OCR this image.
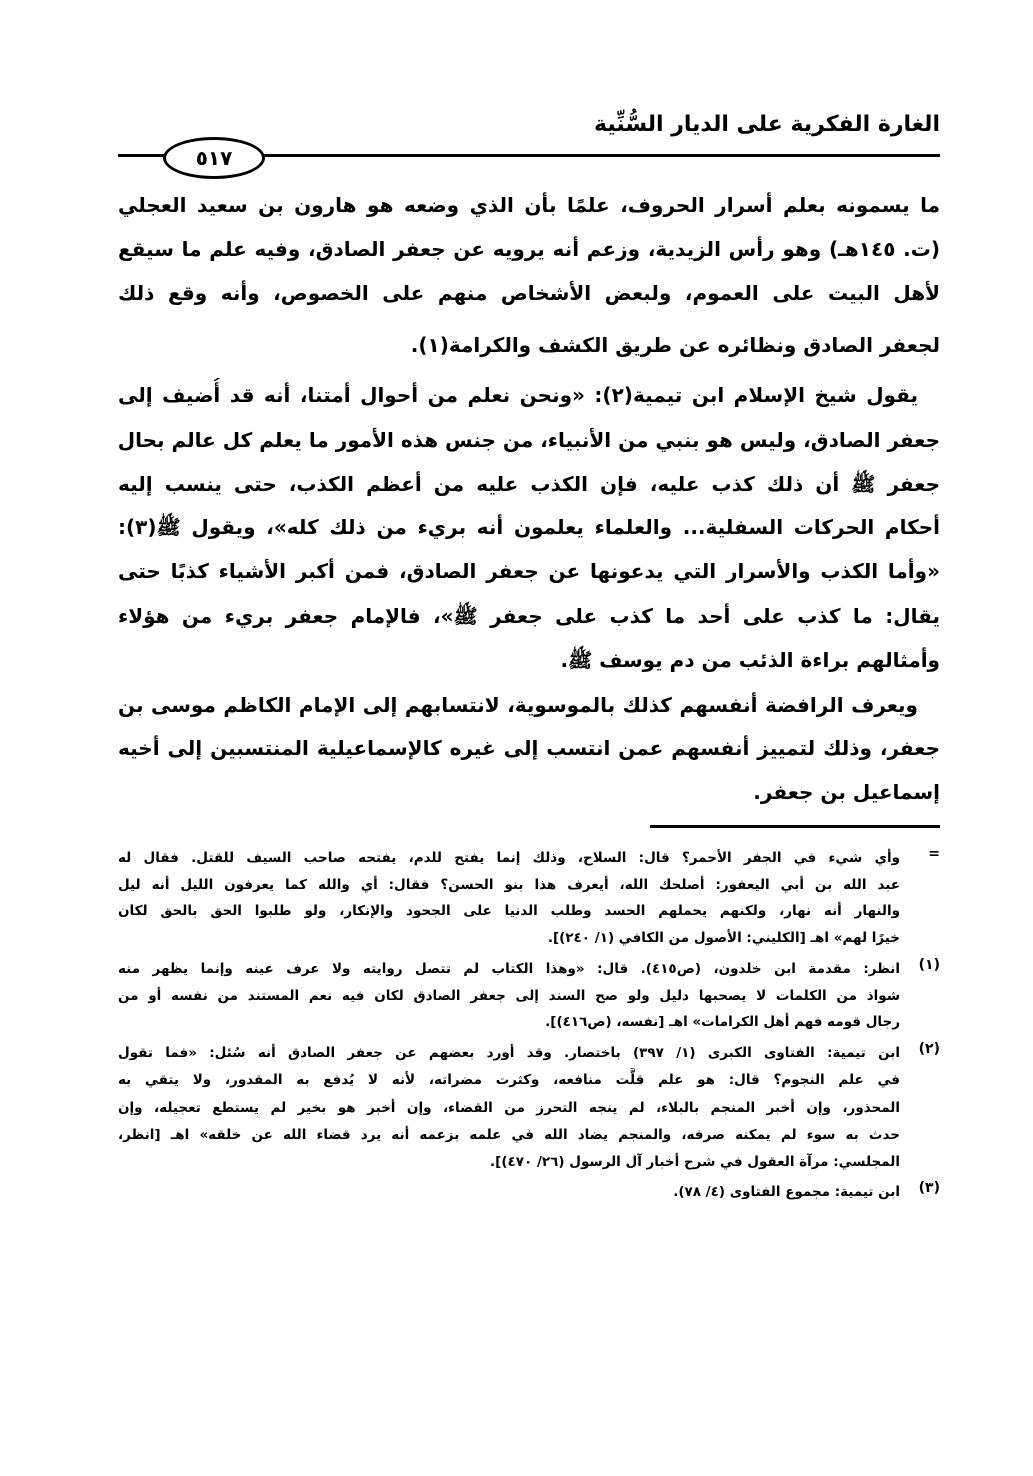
الغارة الفكرية على الديار السُّنِّية
٥١٧
ما يسمونه بعلم أسرار الحروف، علمًا بأن الذي وضعه هو هارون بن سعيد العجلي
(ت. ١٤٥هـ) وهو رأس الزيدية، وزعم أنه يرويه عن جعفر الصادق، وفيه علم ما سيقع
لأهل البيت على العموم، ولبعض الأشخاص منهم على الخصوص، وأنه وقع ذلك
لجعفر الصادق ونظائره عن طريق الكشف والكرامة(١).
يقول شيخ الإسلام ابن تيمية(٢): «ونحن نعلم من أحوال أمتنا، أنه قد أُضيف إلى
جعفر الصادق، وليس هو بنبي من الأنبياء، من جنس هذه الأمور ما يعلم كل عالم بحال
جعفر ﷺ أن ذلك كذب عليه، فإن الكذب عليه من أعظم الكذب، حتى ينسب إليه
أحكام الحركات السفلية... والعلماء يعلمون أنه بريء من ذلك كله»، ويقول ﷺ(٣):
«وأما الكذب والأسرار التي يدعونها عن جعفر الصادق، فمن أكبر الأشياء كذبًا حتى
يقال: ما كذب على أحد ما كذب على جعفر ﷺ»، فالإمام جعفر بريء من هؤلاء
وأمثالهم براءة الذئب من دم يوسف ﷺ.
ويعرف الرافضة أنفسهم كذلك بالموسوية، لانتسابهم إلى الإمام الكاظم موسى بن
جعفر، وذلك لتمييز أنفسهم عمن انتسب إلى غيره كالإسماعيلية المنتسبين إلى أخيه
إسماعيل بن جعفر.
=
وأي شيء في الجفر الأحمر؟ قال: السلاح، وذلك إنما يفتح للدم، يفتحه صاحب السيف للقتل. فقال له
عبد الله بن أبي اليعفور: أصلحك الله، أيعرف هذا بنو الحسن؟ فقال: أي والله كما يعرفون الليل أنه ليل
والنهار أنه نهار، ولكنهم يحملهم الحسد وطلب الدنيا على الجحود والإنكار، ولو طلبوا الحق بالحق لكان
خيرًا لهم» اهـ [الكليني: الأصول من الكافي (١/ ٢٤٠)].
(١)
انظر: مقدمة ابن خلدون، (ص٤١٥). قال: «وهذا الكتاب لم تتصل روايته ولا عرف عينه وإنما يظهر منه
شواذ من الكلمات لا يصحبها دليل ولو صح السند إلى جعفر الصادق لكان فيه نعم المستند من نفسه أو من
رجال قومه فهم أهل الكرامات» اهـ [نفسه، (ص٤١٦)].
(٢)
ابن تيمية: الفتاوى الكبرى (١/ ٣٩٧) باختصار. وقد أورد بعضهم عن جعفر الصادق أنه سُئل: «فما تقول
في علم النجوم؟ قال: هو علم قلَّت منافعه، وكثرت مضراته، لأنه لا يُدفع به المقدور، ولا يتقي به
المحذور، وإن أخبر المنجم بالبلاء، لم ينجه التحرز من القضاء، وإن أخبر هو بخير لم يستطع تعجيله، وإن
حدث به سوء لم يمكنه صرفه، والمنجم يضاد الله في علمه بزعمه أنه يرد قضاء الله عن خلقه» اهـ [انظر،
المجلسي: مرآة العقول في شرح أخبار آل الرسول (٢٦/ ٤٧٠)].
(٣)
ابن تيمية: مجموع الفتاوى (٤/ ٧٨).
